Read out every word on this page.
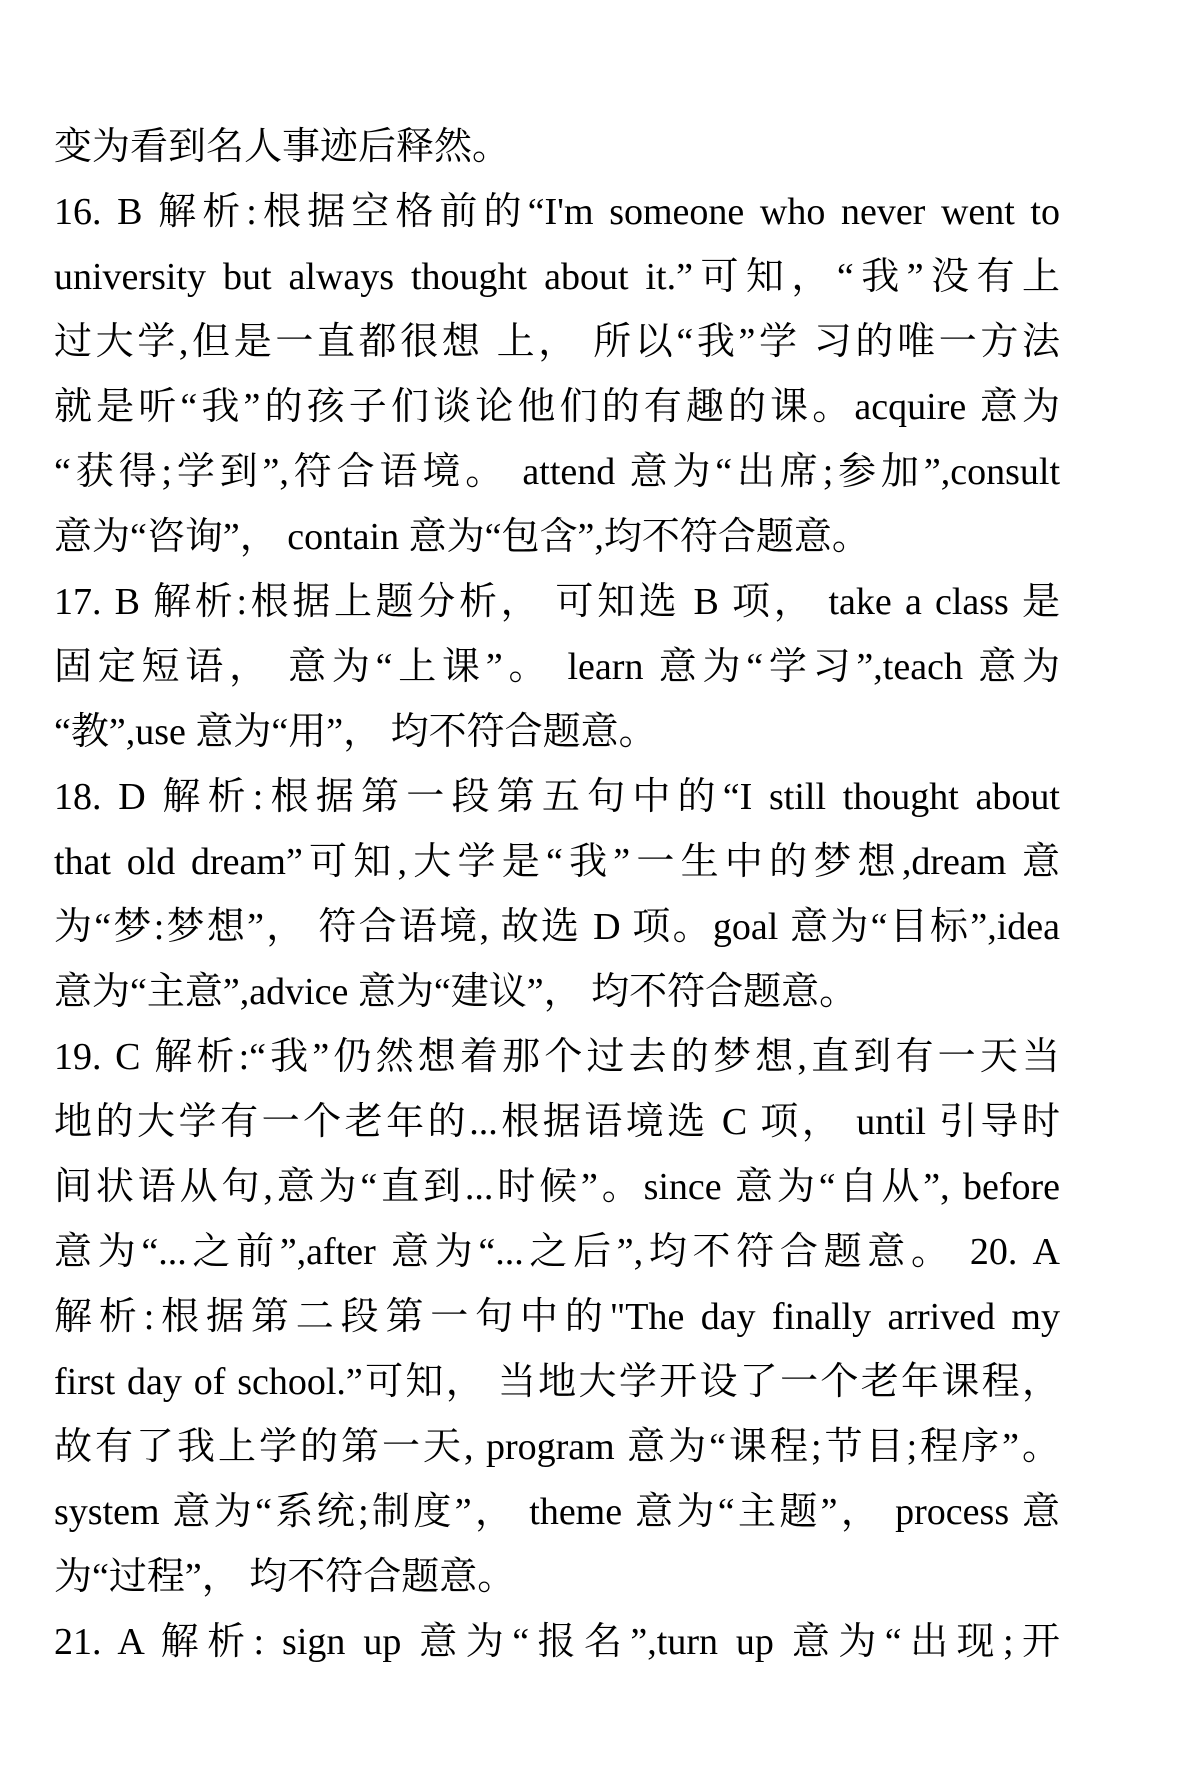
变为看到名人事迹后释然。
16. B 解析:根据空格前的“I'm someone who never went to
university but always thought about it.”可知，“我”没有上
过大学,但是一直都很想 上， 所以“我”学 习的唯一方法
就是听“我”的孩子们谈论他们的有趣的课。acquire 意为
“获得;学到”,符合语境。 attend 意为“出席;参加”,consult
意为“咨询”， contain 意为“包含”,均不符合题意。
17. B 解析:根据上题分析， 可知选 B 项， take a class 是
固定短语， 意为“上课”。 learn 意为“学习”,teach 意为
“教”,use 意为“用”， 均不符合题意。
18. D 解析:根据第一段第五句中的“I still thought about
that old dream”可知,大学是“我”一生中的梦想,dream 意
为“梦:梦想”， 符合语境, 故选 D 项。goal 意为“目标”,idea
意为“主意”,advice 意为“建议”， 均不符合题意。
19. C 解析:“我”仍然想着那个过去的梦想,直到有一天当
地的大学有一个老年的...根据语境选 C 项， until 引导时
间状语从句,意为“直到...时候”。since 意为“自从”, before
意为“...之前”,after 意为“...之后”,均不符合题意。 20. A
解析:根据第二段第一句中的"The day finally arrived my
first day of school.”可知， 当地大学开设了一个老年课程，
故有了我上学的第一天, program 意为“课程;节目;程序”。
system 意为“系统;制度”， theme 意为“主题”， process 意
为“过程”， 均不符合题意。
21. A 解析: sign up 意为“报名”,turn up 意为“出现;开
